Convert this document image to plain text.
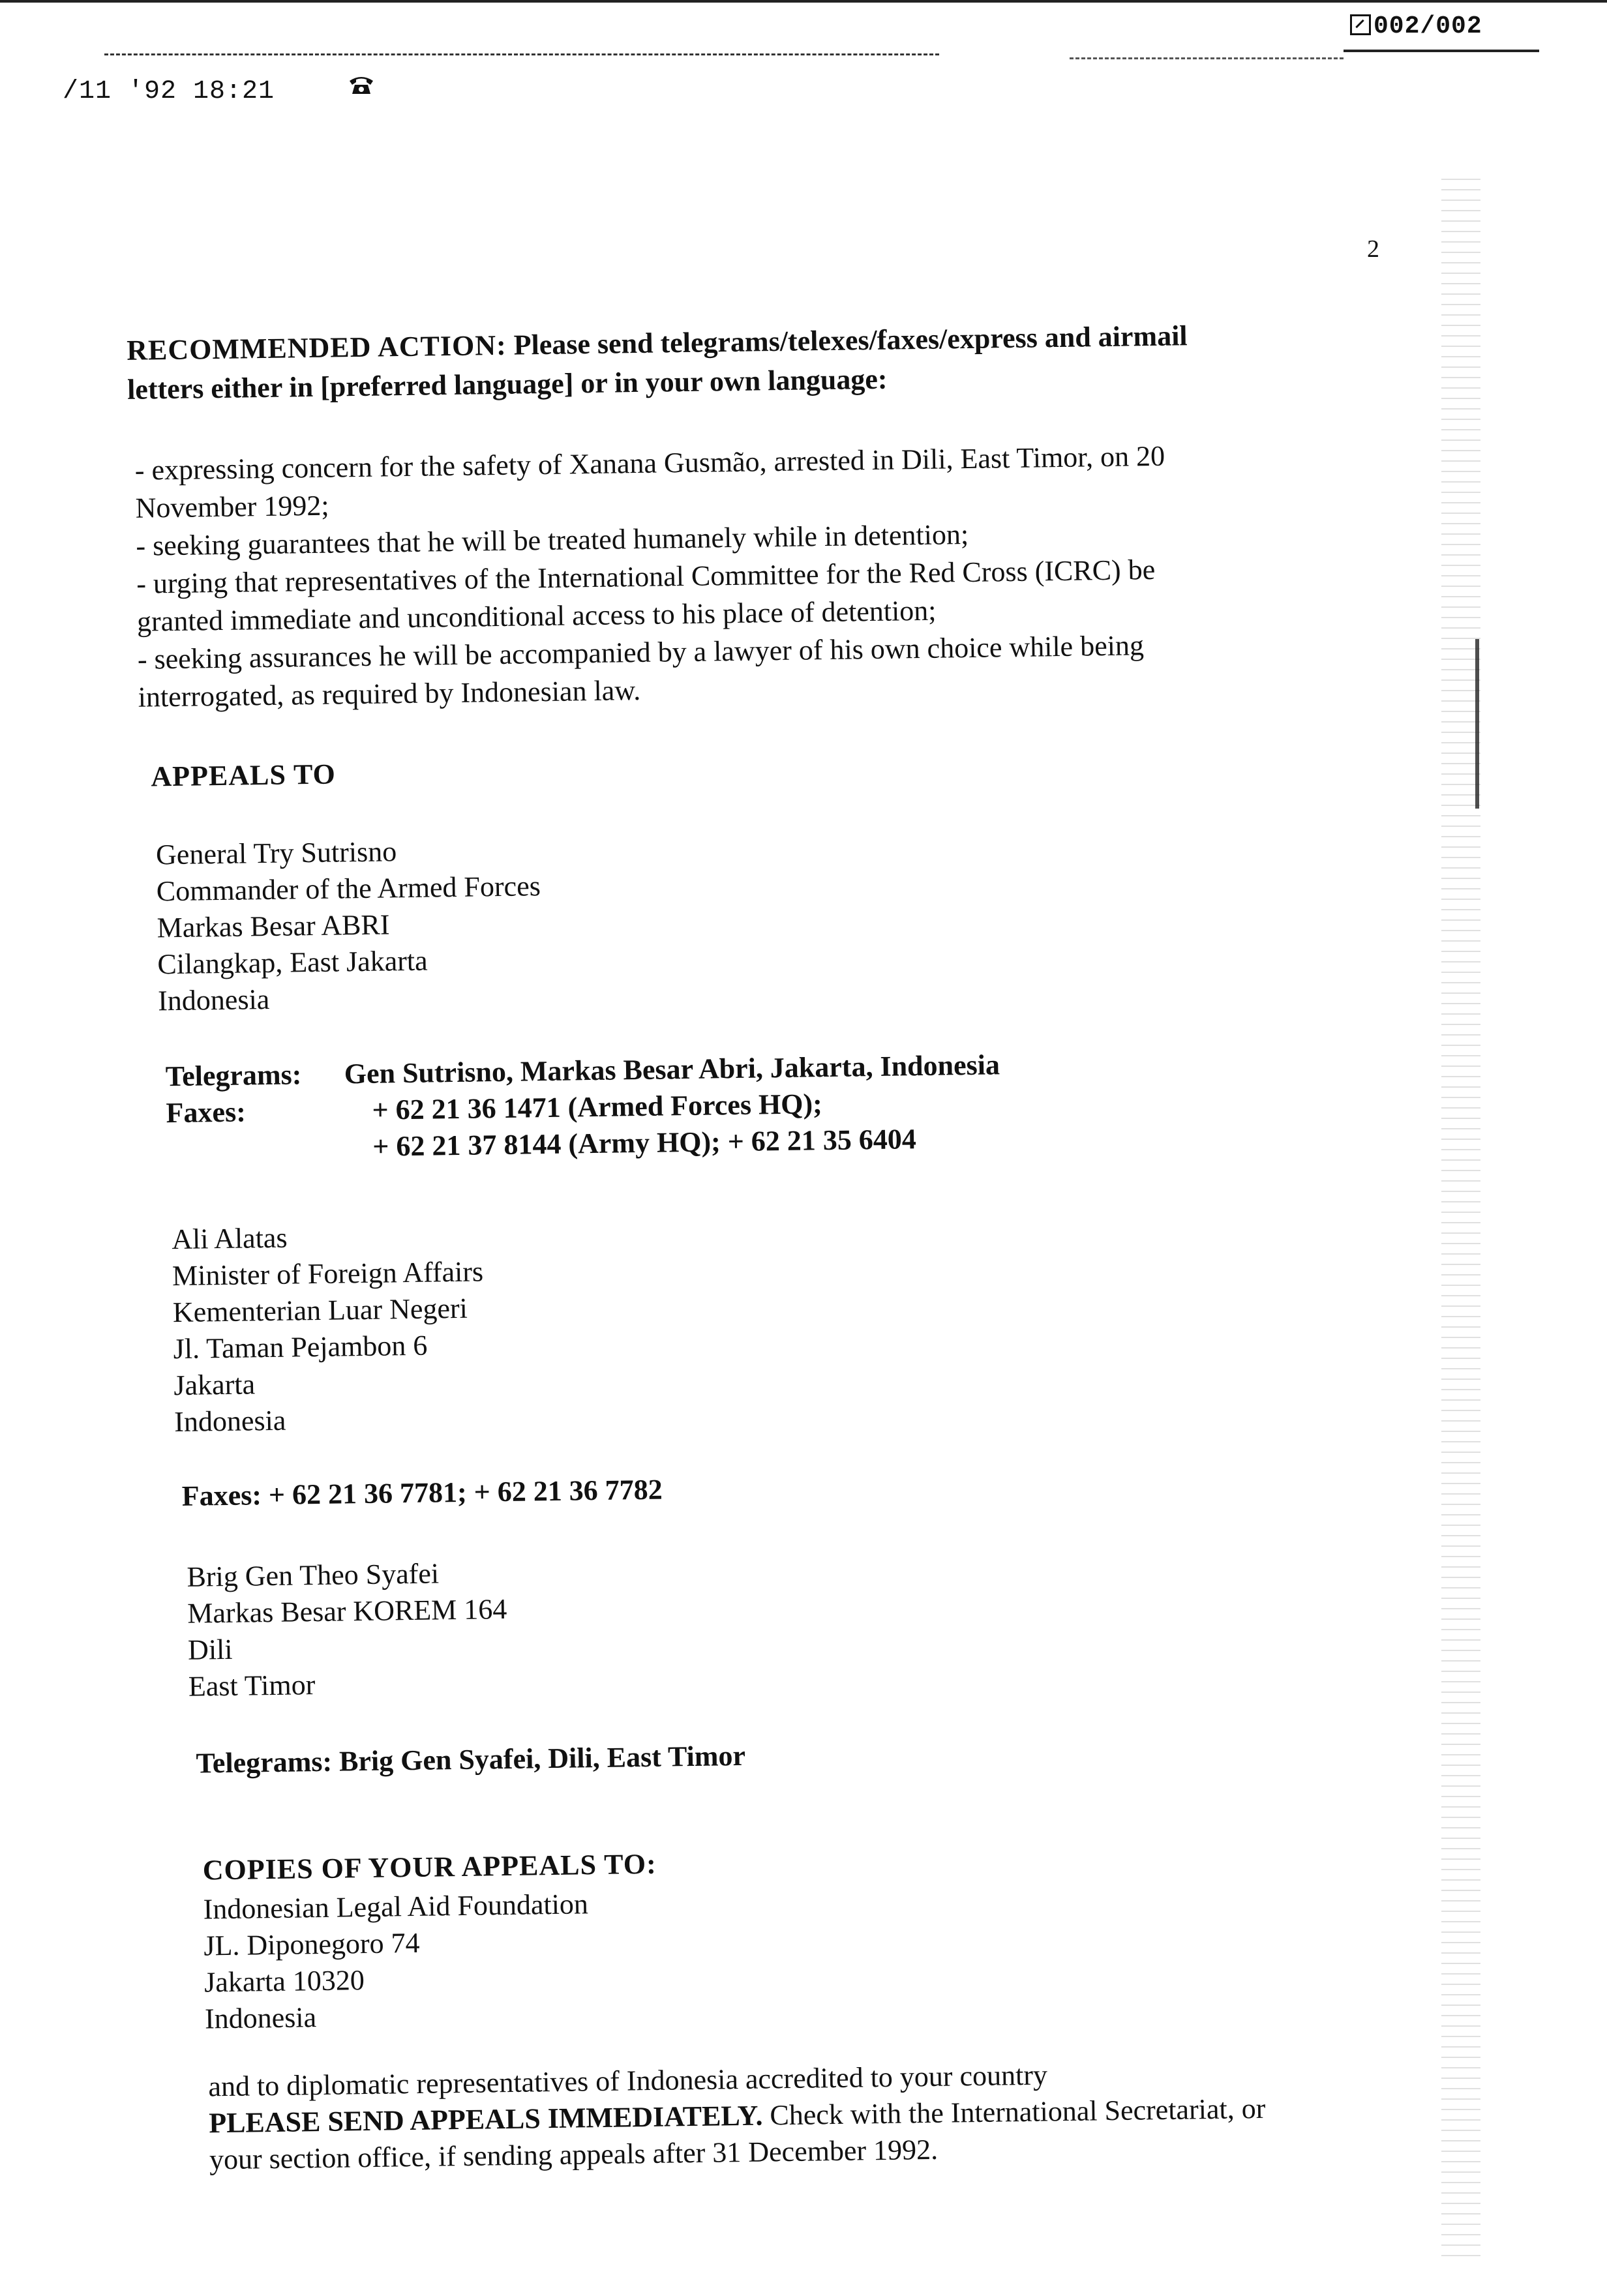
002/002
/11 '92 18:21
2
RECOMMENDED ACTION: Please send telegrams/telexes/faxes/express and airmail
letters either in [preferred language] or in your own language:
- expressing concern for the safety of Xanana Gusmão, arrested in Dili, East Timor, on 20
November 1992;
- seeking guarantees that he will be treated humanely while in detention;
- urging that representatives of the International Committee for the Red Cross (ICRC) be
granted immediate and unconditional access to his place of detention;
- seeking assurances he will be accompanied by a lawyer of his own choice while being
interrogated, as required by Indonesian law.
APPEALS TO
General Try Sutrisno
Commander of the Armed Forces
Markas Besar ABRI
Cilangkap, East Jakarta
Indonesia
Telegrams: Gen Sutrisno, Markas Besar Abri, Jakarta, Indonesia
Faxes:	+ 62 21 36 1471 (Armed Forces HQ);
+ 62 21 37 8144 (Army HQ); + 62 21 35 6404
Ali Alatas
Minister of Foreign Affairs
Kementerian Luar Negeri
Jl. Taman Pejambon 6
Jakarta
Indonesia
Faxes: + 62 21 36 7781; + 62 21 36 7782
Brig Gen Theo Syafei
Markas Besar KOREM 164
Dili
East Timor
Telegrams: Brig Gen Syafei, Dili, East Timor
COPIES OF YOUR APPEALS TO:
Indonesian Legal Aid Foundation
JL. Diponegoro 74
Jakarta 10320
Indonesia
and to diplomatic representatives of Indonesia accredited to your country
PLEASE SEND APPEALS IMMEDIATELY. Check with the International Secretariat, or
your section office, if sending appeals after 31 December 1992.
